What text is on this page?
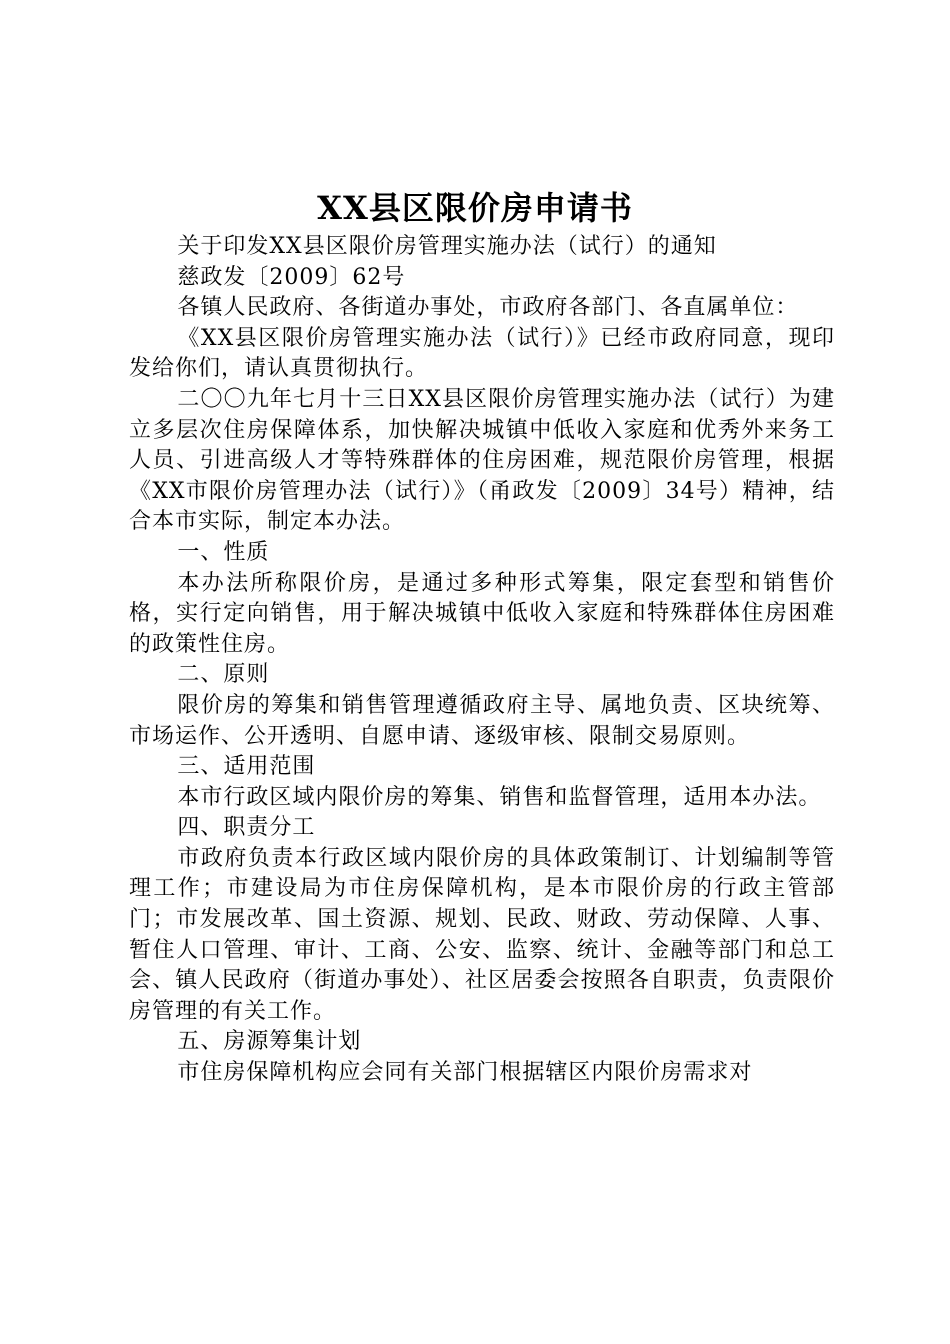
XX县区限价房申请书

关于印发XX县区限价房管理实施办法（试行）的通知

慈政发〔2009〕62号

各镇人民政府、各街道办事处，市政府各部门、各直属单位：

《XX县区限价房管理实施办法（试行）》已经市政府同意，现印发给你们，请认真贯彻执行。

二〇〇九年七月十三日XX县区限价房管理实施办法（试行）为建立多层次住房保障体系，加快解决城镇中低收入家庭和优秀外来务工人员、引进高级人才等特殊群体的住房困难，规范限价房管理，根据《XX市限价房管理办法（试行）》（甬政发〔2009〕34号）精神，结合本市实际，制定本办法。

一、性质

本办法所称限价房，是通过多种形式筹集，限定套型和销售价格，实行定向销售，用于解决城镇中低收入家庭和特殊群体住房困难的政策性住房。

二、原则

限价房的筹集和销售管理遵循政府主导、属地负责、区块统筹、市场运作、公开透明、自愿申请、逐级审核、限制交易原则。

三、适用范围

本市行政区域内限价房的筹集、销售和监督管理，适用本办法。

四、职责分工

市政府负责本行政区域内限价房的具体政策制订、计划编制等管理工作；市建设局为市住房保障机构，是本市限价房的行政主管部门；市发展改革、国土资源、规划、民政、财政、劳动保障、人事、暂住人口管理、审计、工商、公安、监察、统计、金融等部门和总工会、镇人民政府（街道办事处）、社区居委会按照各自职责，负责限价房管理的有关工作。

五、房源筹集计划

市住房保障机构应会同有关部门根据辖区内限价房需求对
